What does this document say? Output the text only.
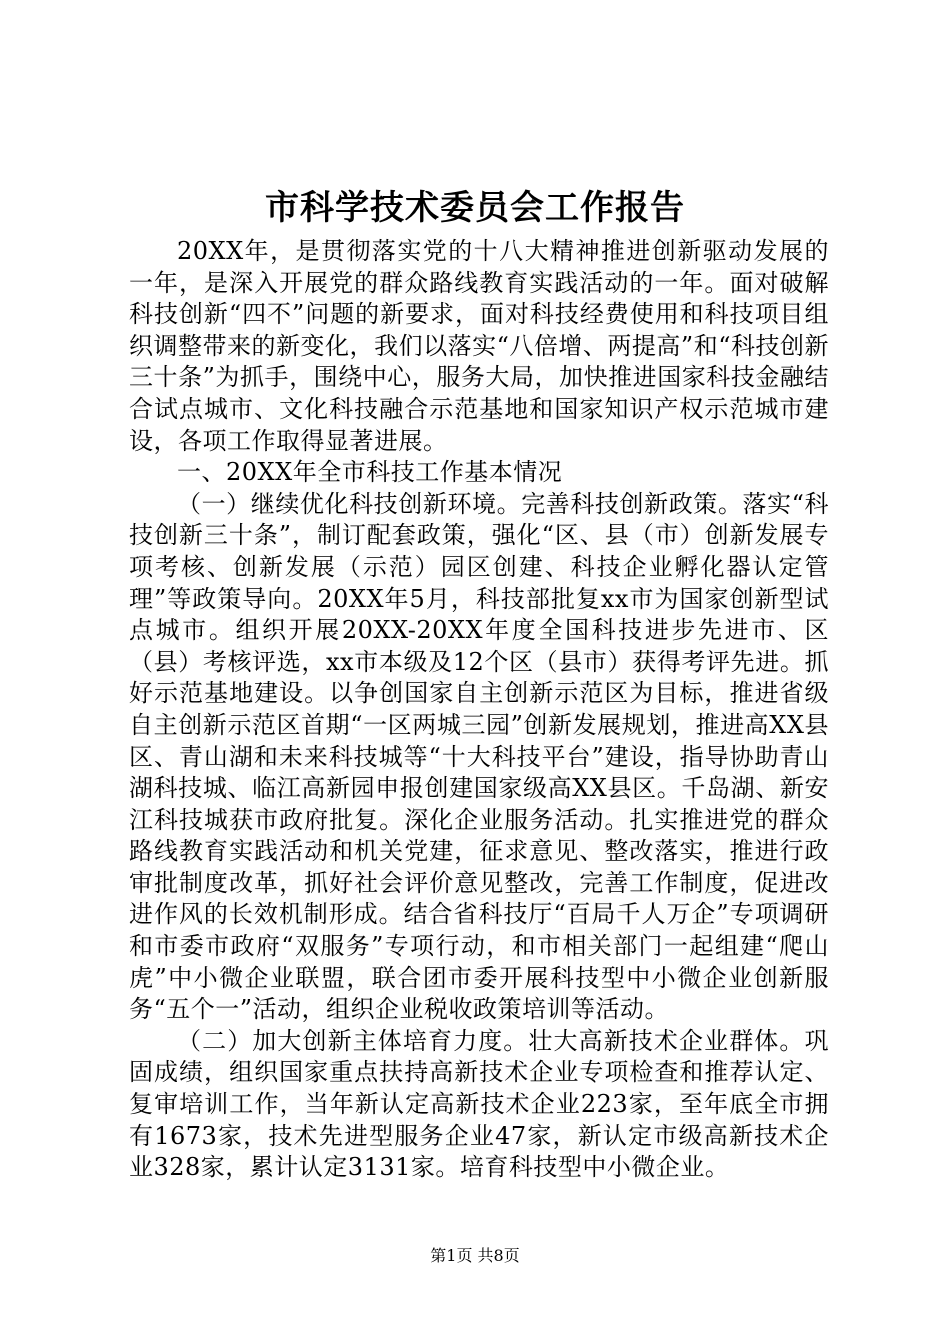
市科学技术委员会工作报告

20XX年，是贯彻落实党的十八大精神推进创新驱动发展的一年，是深入开展党的群众路线教育实践活动的一年。面对破解科技创新“四不”问题的新要求，面对科技经费使用和科技项目组织调整带来的新变化，我们以落实“八倍增、两提高”和“科技创新三十条”为抓手，围绕中心，服务大局，加快推进国家科技金融结合试点城市、文化科技融合示范基地和国家知识产权示范城市建设，各项工作取得显著进展。

一、20XX年全市科技工作基本情况

（一）继续优化科技创新环境。完善科技创新政策。落实“科技创新三十条”，制订配套政策，强化“区、县（市）创新发展专项考核、创新发展（示范）园区创建、科技企业孵化器认定管理”等政策导向。20XX年5月，科技部批复xx市为国家创新型试点城市。组织开展20XX-20XX年度全国科技进步先进市、区（县）考核评选，xx市本级及12个区（县市）获得考评先进。抓好示范基地建设。以争创国家自主创新示范区为目标，推进省级自主创新示范区首期“一区两城三园”创新发展规划，推进高XX县区、青山湖和未来科技城等“十大科技平台”建设，指导协助青山湖科技城、临江高新园申报创建国家级高XX县区。千岛湖、新安江科技城获市政府批复。深化企业服务活动。扎实推进党的群众路线教育实践活动和机关党建，征求意见、整改落实，推进行政审批制度改革，抓好社会评价意见整改，完善工作制度，促进改进作风的长效机制形成。结合省科技厅“百局千人万企”专项调研和市委市政府“双服务”专项行动，和市相关部门一起组建“爬山虎”中小微企业联盟，联合团市委开展科技型中小微企业创新服务“五个一”活动，组织企业税收政策培训等活动。

（二）加大创新主体培育力度。壮大高新技术企业群体。巩固成绩，组织国家重点扶持高新技术企业专项检查和推荐认定、复审培训工作，当年新认定高新技术企业223家，至年底全市拥有1673家，技术先进型服务企业47家，新认定市级高新技术企业328家，累计认定3131家。培育科技型中小微企业。

第1页 共8页
